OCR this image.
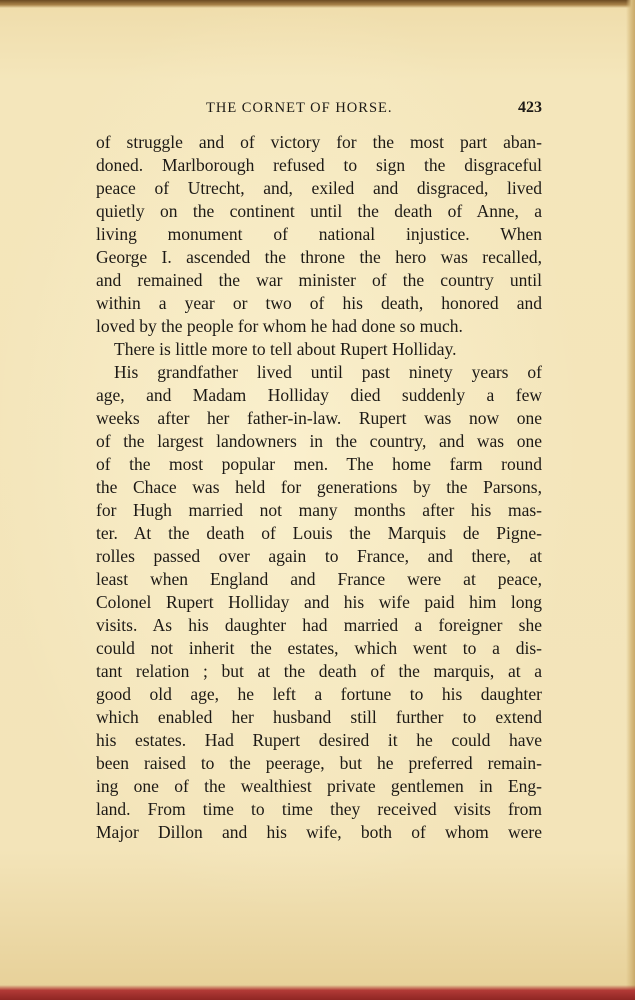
THE CORNET OF HORSE.	423
of struggle and of victory for the most part aban-
doned. Marlborough refused to sign the disgraceful
peace of Utrecht, and, exiled and disgraced, lived
quietly on the continent until the death of Anne, a
living monument of national injustice. When
George I. ascended the throne the hero was recalled,
and remained the war minister of the country until
within a year or two of his death, honored and
loved by the people for whom he had done so much.
There is little more to tell about Rupert Holliday.
His grandfather lived until past ninety years of
age, and Madam Holliday died suddenly a few
weeks after her father-in-law. Rupert was now one
of the largest landowners in the country, and was one
of the most popular men. The home farm round
the Chace was held for generations by the Parsons,
for Hugh married not many months after his mas-
ter. At the death of Louis the Marquis de Pigne-
rolles passed over again to France, and there, at
least when England and France were at peace,
Colonel Rupert Holliday and his wife paid him long
visits. As his daughter had married a foreigner she
could not inherit the estates, which went to a dis-
tant relation ; but at the death of the marquis, at a
good old age, he left a fortune to his daughter
which enabled her husband still further to extend
his estates. Had Rupert desired it he could have
been raised to the peerage, but he preferred remain-
ing one of the wealthiest private gentlemen in Eng-
land. From time to time they received visits from
Major Dillon and his wife, both of whom were
